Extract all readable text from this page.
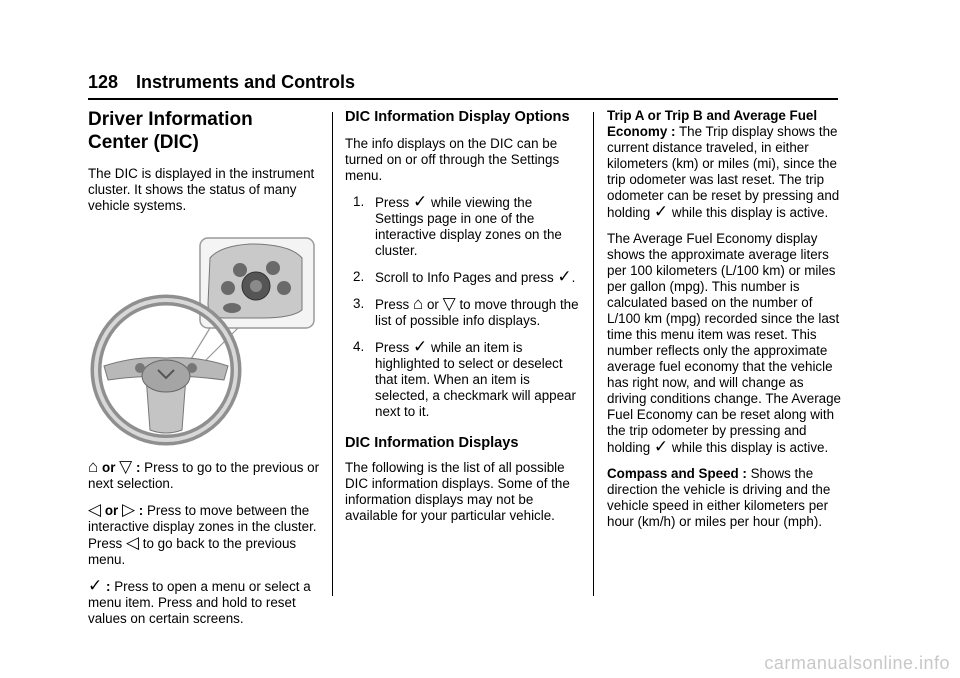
128 Instruments and Controls
Driver Information
Center (DIC)

The DIC is displayed in the instrument cluster. It shows the status of many vehicle systems.

⌂ or ▽ : Press to go to the previous or next selection.

◁ or ▷ : Press to move between the interactive display zones in the cluster. Press ◁ to go back to the previous menu.

✓ : Press to open a menu or select a menu item. Press and hold to reset values on certain screens.

DIC Information Display Options

The info displays on the DIC can be turned on or off through the Settings menu.

1. Press ✓ while viewing the Settings page in one of the interactive display zones on the cluster.
2. Scroll to Info Pages and press ✓.
3. Press ⌂ or ▽ to move through the list of possible info displays.
4. Press ✓ while an item is highlighted to select or deselect that item. When an item is selected, a checkmark will appear next to it.
DIC Information Displays

The following is the list of all possible DIC information displays. Some of the information displays may not be available for your particular vehicle.

Trip A or Trip B and Average Fuel Economy : The Trip display shows the current distance traveled, in either kilometers (km) or miles (mi), since the trip odometer was last reset. The trip odometer can be reset by pressing and holding ✓ while this display is active.

The Average Fuel Economy display shows the approximate average liters per 100 kilometers (L/100 km) or miles per gallon (mpg). This number is calculated based on the number of L/100 km (mpg) recorded since the last time this menu item was reset. This number reflects only the approximate average fuel economy that the vehicle has right now, and will change as driving conditions change. The Average Fuel Economy can be reset along with the trip odometer by pressing and holding ✓ while this display is active.

Compass and Speed : Shows the direction the vehicle is driving and the vehicle speed in either kilometers per hour (km/h) or miles per hour (mph).

carmanualsonline.info
